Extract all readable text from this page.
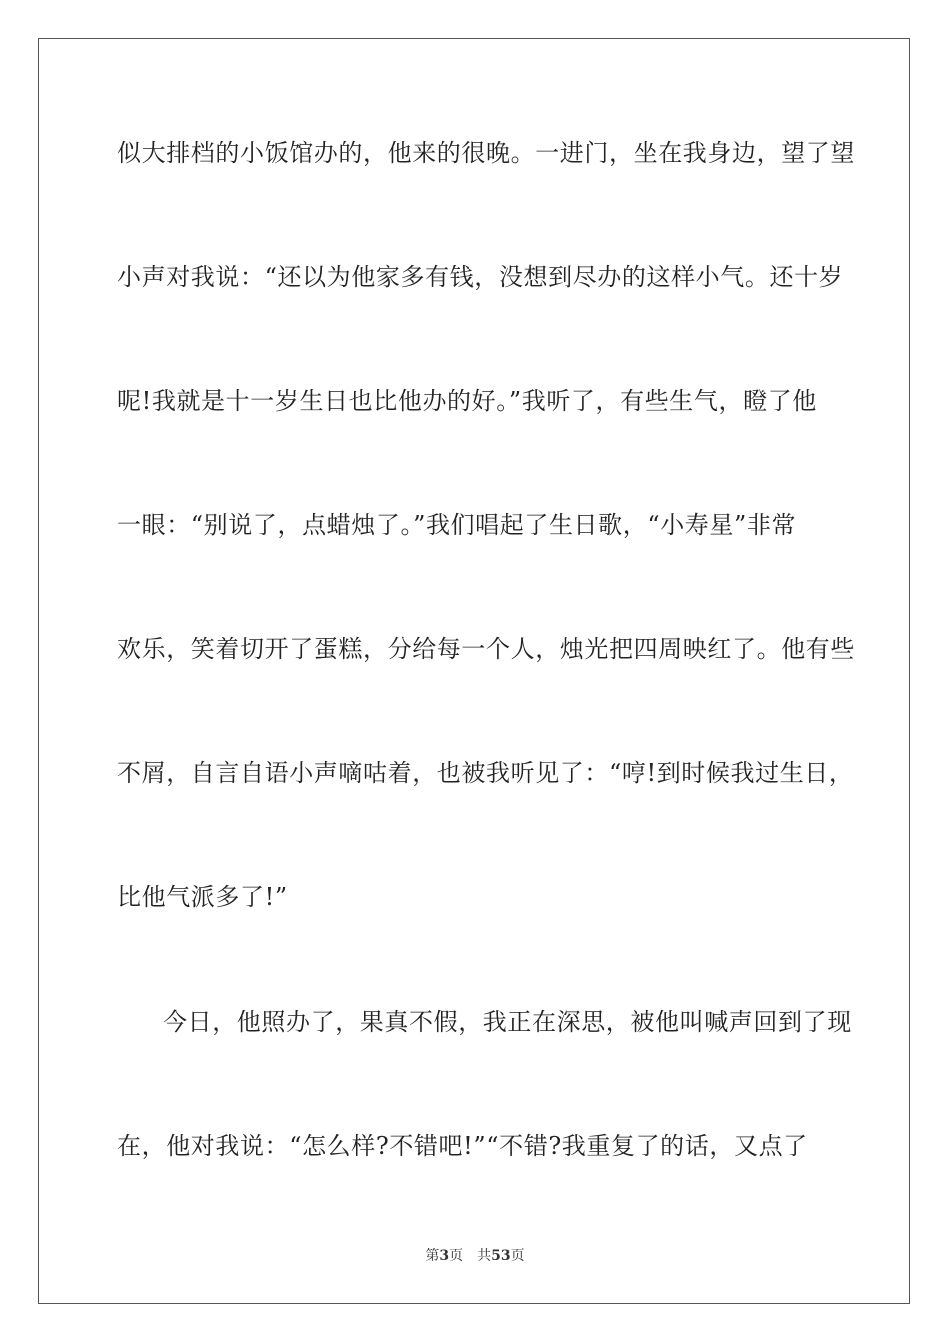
似大排档的小饭馆办的，他来的很晚。一进门，坐在我身边，望了望
小声对我说：“还以为他家多有钱，没想到尽办的这样小气。还十岁
呢!我就是十一岁生日也比他办的好。”我听了，有些生气，瞪了他
一眼：“别说了，点蜡烛了。”我们唱起了生日歌，“小寿星”非常
欢乐，笑着切开了蛋糕，分给每一个人，烛光把四周映红了。他有些
不屑，自言自语小声嘀咕着，也被我听见了：“哼!到时候我过生日，
比他气派多了!”
今日，他照办了，果真不假，我正在深思，被他叫喊声回到了现
在，他对我说：“怎么样?不错吧!”“不错?我重复了的话，又点了
第3页 共53页
